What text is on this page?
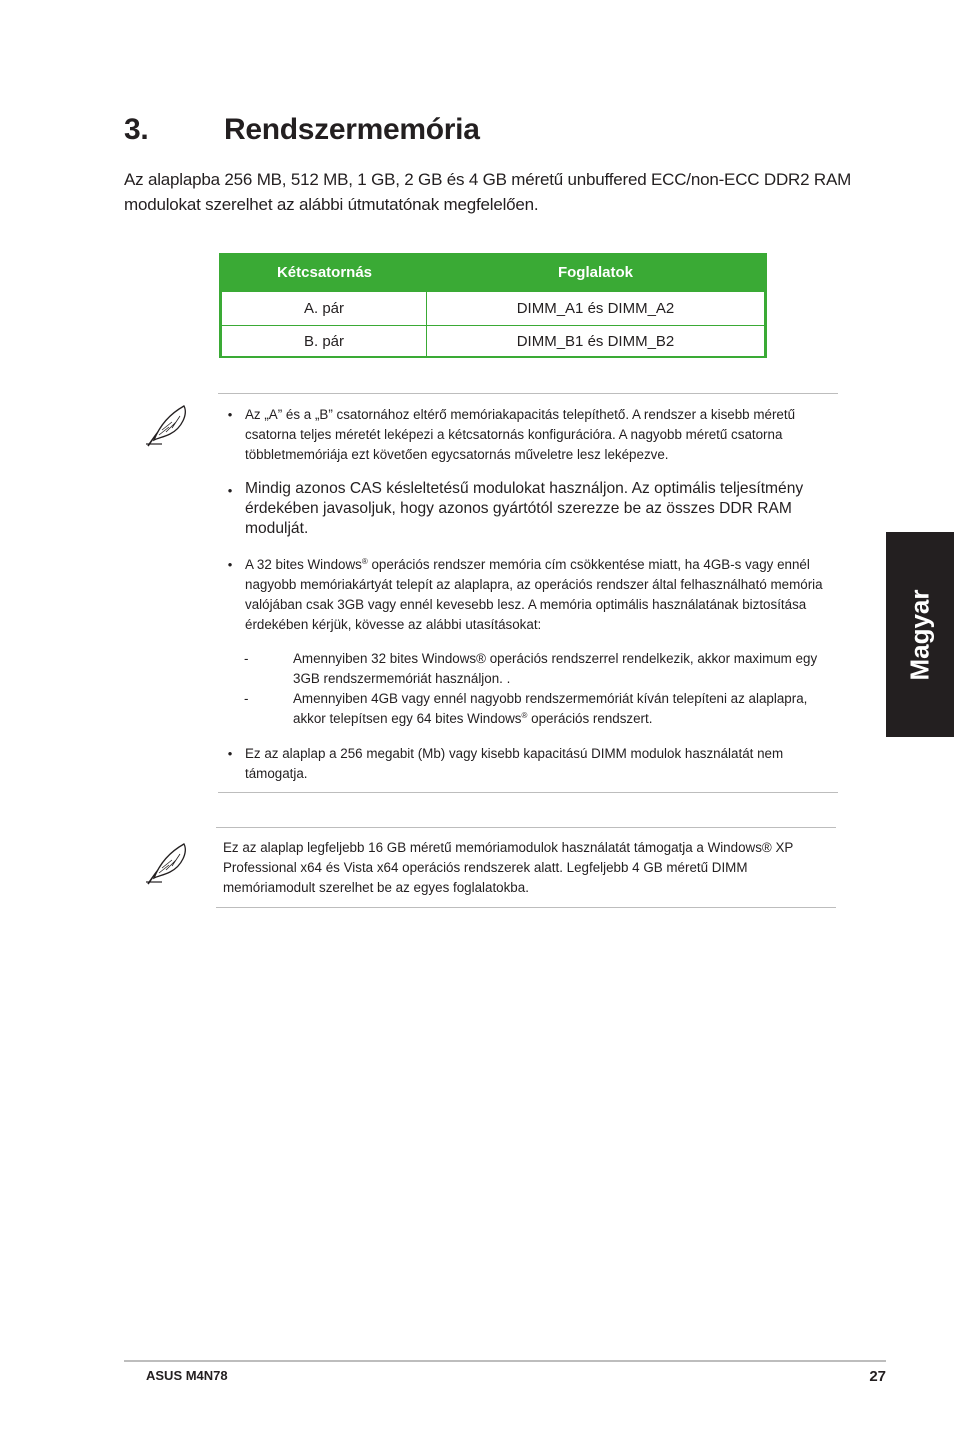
3.	Rendszermemória
Az alaplapba 256 MB, 512 MB, 1 GB, 2 GB és 4 GB méretű unbuffered ECC/non-ECC DDR2 RAM modulokat szerelhet az alábbi útmutatónak megfelelően.
Kétcsatornás	Foglalatok
A. pár	DIMM_A1 és DIMM_A2
B. pár	DIMM_B1 és DIMM_B2
• Az „A” és a „B” csatornához eltérő memóriakapacitás telepíthető. A rendszer a kisebb méretű csatorna teljes méretét leképezi a kétcsatornás konfigurációra. A nagyobb méretű csatorna többletmemóriája ezt követően egycsatornás műveletre lesz leképezve.
• Mindig azonos CAS késleltetésű modulokat használjon. Az optimális teljesítmény érdekében javasoljuk, hogy azonos gyártótól szerezze be az összes DDR RAM modulját.
• A 32 bites Windows® operációs rendszer memória cím csökkentése miatt, ha 4GB-s vagy ennél nagyobb memóriakártyát telepít az alaplapra, az operációs rendszer által felhasználható memória valójában csak 3GB vagy ennél kevesebb lesz. A memória optimális használatának biztosítása érdekében kérjük, kövesse az alábbi utasításokat:
-	Amennyiben 32 bites Windows® operációs rendszerrel rendelkezik, akkor maximum egy 3GB rendszermemóriát használjon. .
-	Amennyiben 4GB vagy ennél nagyobb rendszermemóriát kíván telepíteni az alaplapra, akkor telepítsen egy 64 bites Windows® operációs rendszert.
• Ez az alaplap a 256 megabit (Mb) vagy kisebb kapacitású DIMM modulok használatát nem támogatja.
Ez az alaplap legfeljebb 16 GB méretű memóriamodulok használatát támogatja a Windows® XP Professional x64 és Vista x64 operációs rendszerek alatt. Legfeljebb 4 GB méretű DIMM memóriamodult szerelhet be az egyes foglalatokba.
Magyar
ASUS M4N78	27
